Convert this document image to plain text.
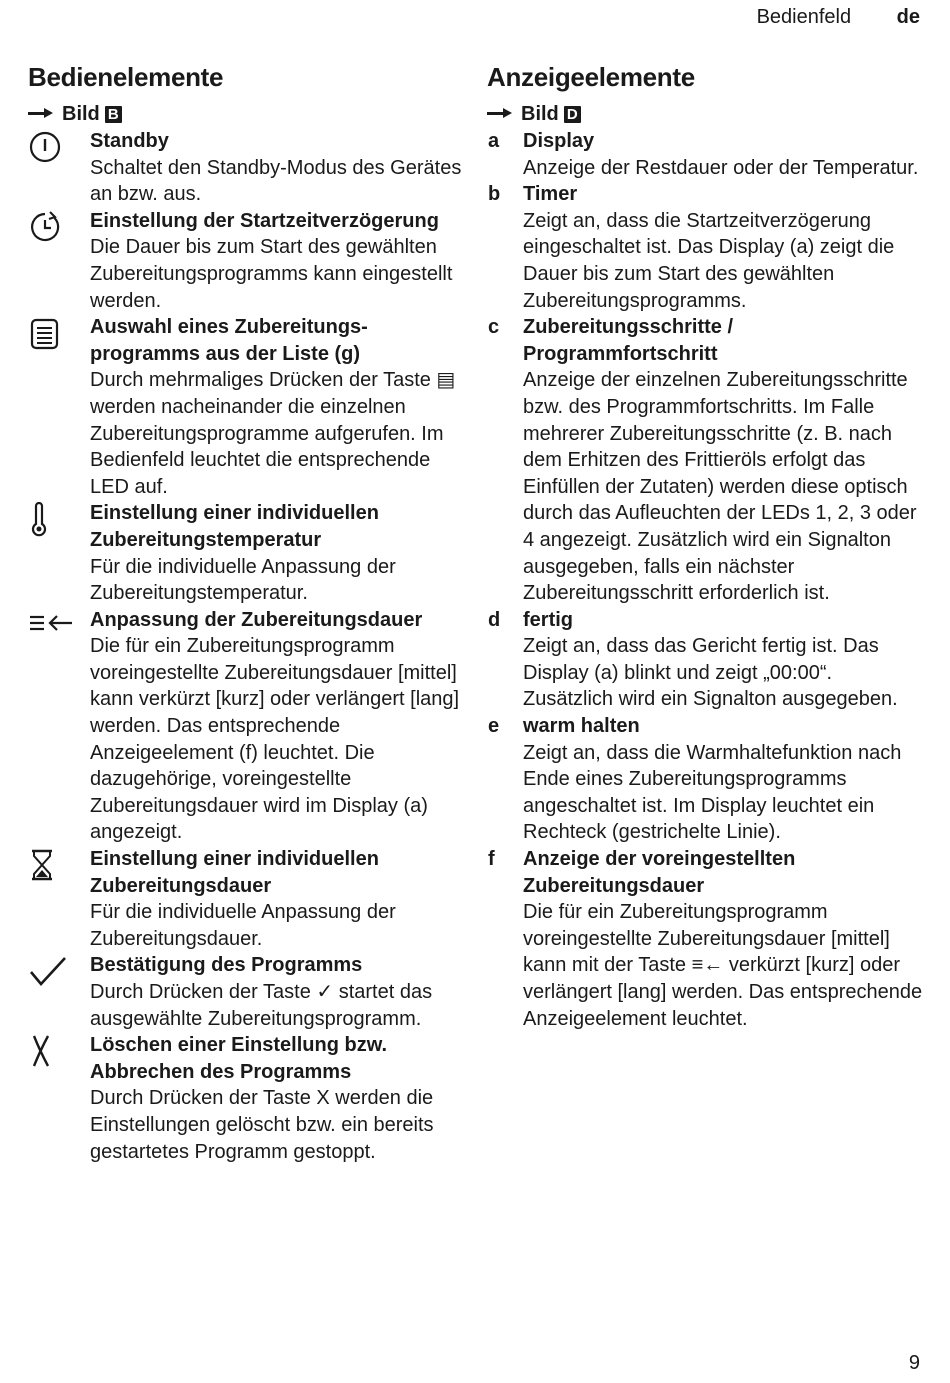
Bedienfeld de
Bedienelemente
Bild B
Standby
Schaltet den Standby-Modus des Gerätes an bzw. aus.
Einstellung der Startzeitverzögerung
Die Dauer bis zum Start des gewählten Zubereitungsprogramms kann eingestellt werden.
Auswahl eines Zubereitungsprogramms aus der Liste (g)
Durch mehrmaliges Drücken der Taste ▤ werden nacheinander die einzelnen Zubereitungsprogramme aufgerufen. Im Bedienfeld leuchtet die entsprechende LED auf.
Einstellung einer individuellen Zubereitungstemperatur
Für die individuelle Anpassung der Zubereitungstemperatur.
Anpassung der Zubereitungsdauer
Die für ein Zubereitungsprogramm voreingestellte Zubereitungsdauer [mittel] kann verkürzt [kurz] oder verlängert [lang] werden. Das entsprechende Anzeigeelement (f) leuchtet. Die dazugehörige, voreingestellte Zubereitungsdauer wird im Display (a) angezeigt.
Einstellung einer individuellen Zubereitungsdauer
Für die individuelle Anpassung der Zubereitungsdauer.
Bestätigung des Programms
Durch Drücken der Taste ✓ startet das ausgewählte Zubereitungsprogramm.
Löschen einer Einstellung bzw. Abbrechen des Programms
Durch Drücken der Taste X werden die Einstellungen gelöscht bzw. ein bereits gestartetes Programm gestoppt.
Anzeigeelemente
Bild D
a	Display
Anzeige der Restdauer oder der Temperatur.
b	Timer
Zeigt an, dass die Startzeitverzögerung eingeschaltet ist. Das Display (a) zeigt die Dauer bis zum Start des gewählten Zubereitungsprogramms.
c	Zubereitungsschritte / Programmfortschritt
Anzeige der einzelnen Zubereitungsschritte bzw. des Programmfortschritts. Im Falle mehrerer Zubereitungsschritte (z. B. nach dem Erhitzen des Frittieröls erfolgt das Einfüllen der Zutaten) werden diese optisch durch das Aufleuchten der LEDs 1, 2, 3 oder 4 angezeigt. Zusätzlich wird ein Signalton ausgegeben, falls ein nächster Zubereitungsschritt erforderlich ist.
d	fertig
Zeigt an, dass das Gericht fertig ist. Das Display (a) blinkt und zeigt „00:00“. Zusätzlich wird ein Signalton ausgegeben.
e	warm halten
Zeigt an, dass die Warmhaltefunktion nach Ende eines Zubereitungsprogramms angeschaltet ist. Im Display leuchtet ein Rechteck (gestrichelte Linie).
f	Anzeige der voreingestellten Zubereitungsdauer
Die für ein Zubereitungsprogramm voreingestellte Zubereitungsdauer [mittel] kann mit der Taste ≡← verkürzt [kurz] oder verlängert [lang] werden. Das entsprechende Anzeigeelement leuchtet.
9
